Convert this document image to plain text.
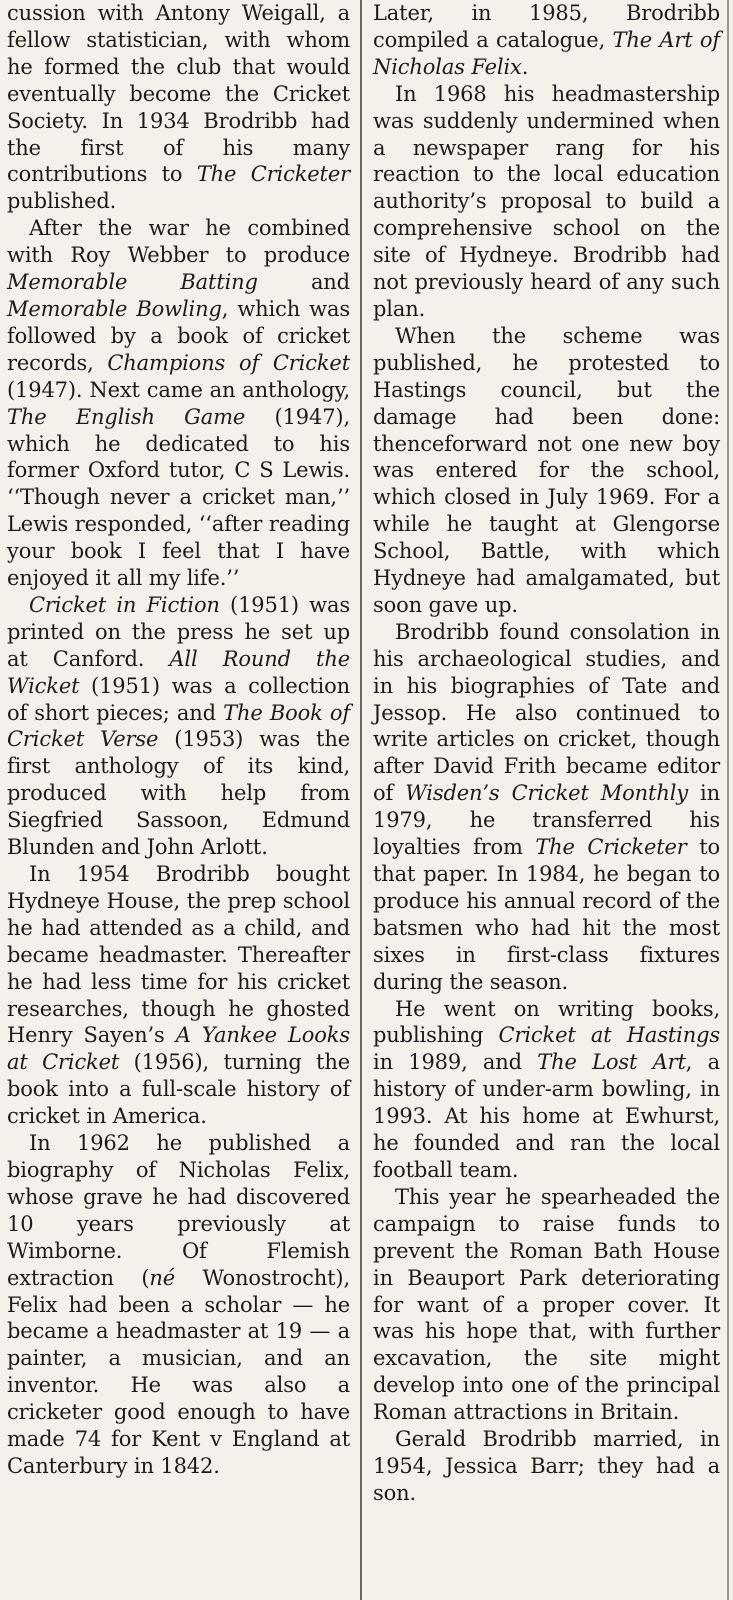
cussion with Antony Weigall, a fellow statistician, with whom he formed the club that would eventually become the Cricket Society. In 1934 Brodribb had the first of his many contributions to The Cricketer published.

After the war he combined with Roy Webber to produce Memorable Batting and Memorable Bowling, which was followed by a book of cricket records, Champions of Cricket (1947). Next came an anthology, The English Game (1947), which he dedicated to his former Oxford tutor, C S Lewis. ‘‘Though never a cricket man,’’ Lewis responded, ‘‘after reading your book I feel that I have enjoyed it all my life.’’

Cricket in Fiction (1951) was printed on the press he set up at Canford. All Round the Wicket (1951) was a collection of short pieces; and The Book of Cricket Verse (1953) was the first anthology of its kind, produced with help from Siegfried Sassoon, Edmund Blunden and John Arlott.

In 1954 Brodribb bought Hydneye House, the prep school he had attended as a child, and became headmaster. Thereafter he had less time for his cricket researches, though he ghosted Henry Sayen’s A Yankee Looks at Cricket (1956), turning the book into a full-scale history of cricket in America.

In 1962 he published a biography of Nicholas Felix, whose grave he had discovered 10 years previously at Wimborne. Of Flemish extraction (né Wonostrocht), Felix had been a scholar — he became a headmaster at 19 — a painter, a musician, and an inventor. He was also a cricketer good enough to have made 74 for Kent v England at Canterbury in 1842.

Later, in 1985, Brodribb compiled a catalogue, The Art of Nicholas Felix.

In 1968 his headmastership was suddenly undermined when a newspaper rang for his reaction to the local education authority’s proposal to build a comprehensive school on the site of Hydneye. Brodribb had not previously heard of any such plan.

When the scheme was published, he protested to Hastings council, but the damage had been done: thenceforward not one new boy was entered for the school, which closed in July 1969. For a while he taught at Glengorse School, Battle, with which Hydneye had amalgamated, but soon gave up.

Brodribb found consolation in his archaeological studies, and in his biographies of Tate and Jessop. He also continued to write articles on cricket, though after David Frith became editor of Wisden’s Cricket Monthly in 1979, he transferred his loyalties from The Cricketer to that paper. In 1984, he began to produce his annual record of the batsmen who had hit the most sixes in first-class fixtures during the season.

He went on writing books, publishing Cricket at Hastings in 1989, and The Lost Art, a history of under-arm bowling, in 1993. At his home at Ewhurst, he founded and ran the local football team.

This year he spearheaded the campaign to raise funds to prevent the Roman Bath House in Beauport Park deteriorating for want of a proper cover. It was his hope that, with further excavation, the site might develop into one of the principal Roman attractions in Britain.

Gerald Brodribb married, in 1954, Jessica Barr; they had a son.
